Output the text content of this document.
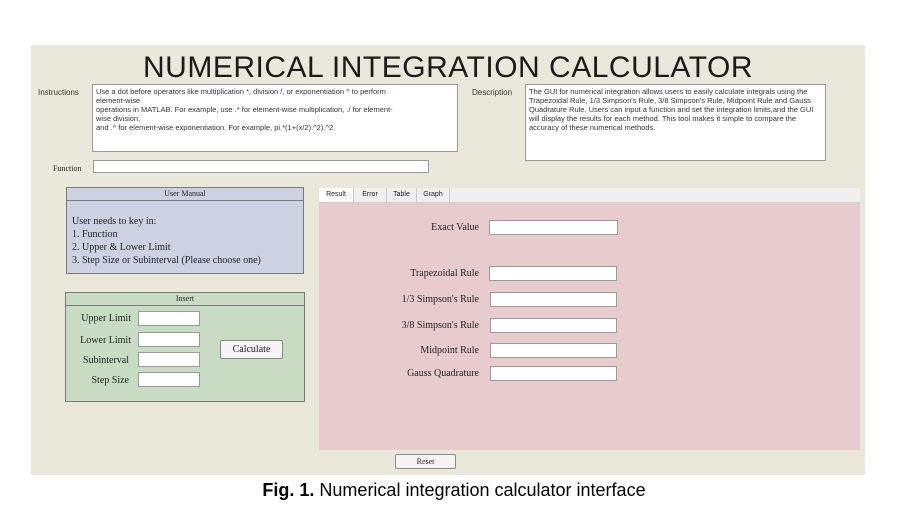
NUMERICAL INTEGRATION CALCULATOR
Instructions	Use a dot before operators like multiplication *, division /, or exponentiation ^ to perform
element-wise
operations in MATLAB. For example, use .* for element-wise multiplication, ./ for element-
wise division,
and .^ for element-wise exponentiation. For example, pi.*(1+(x/2).^2).^2
Description	The GUI for numerical integration allows users to easily calculate integrals using the Trapezoidal Rule, 1/3 Simpson's Rule, 3/8 Simpson's Rule, Midpoint Rule and Gauss Quadrature Rule. Users can input a function and set the integration limits,and the GUI will display the results for each method. This tool makes it simple to compare the accuracy of these numerical methods.
Function
User Manual
User needs to key in:
1. Function
2. Upper & Lower Limit
3. Step Size or Subinterval (Please choose one)
Insert
Upper Limit
Lower Limit
Subinterval
Step Size
Calculate
Result	Error	Table	Graph
Exact Value
Trapezoidal Rule
1/3 Simpson's Rule
3/8 Simpson's Rule
Midpoint Rule
Gauss Quadrature
Reset
Fig. 1. Numerical integration calculator interface
